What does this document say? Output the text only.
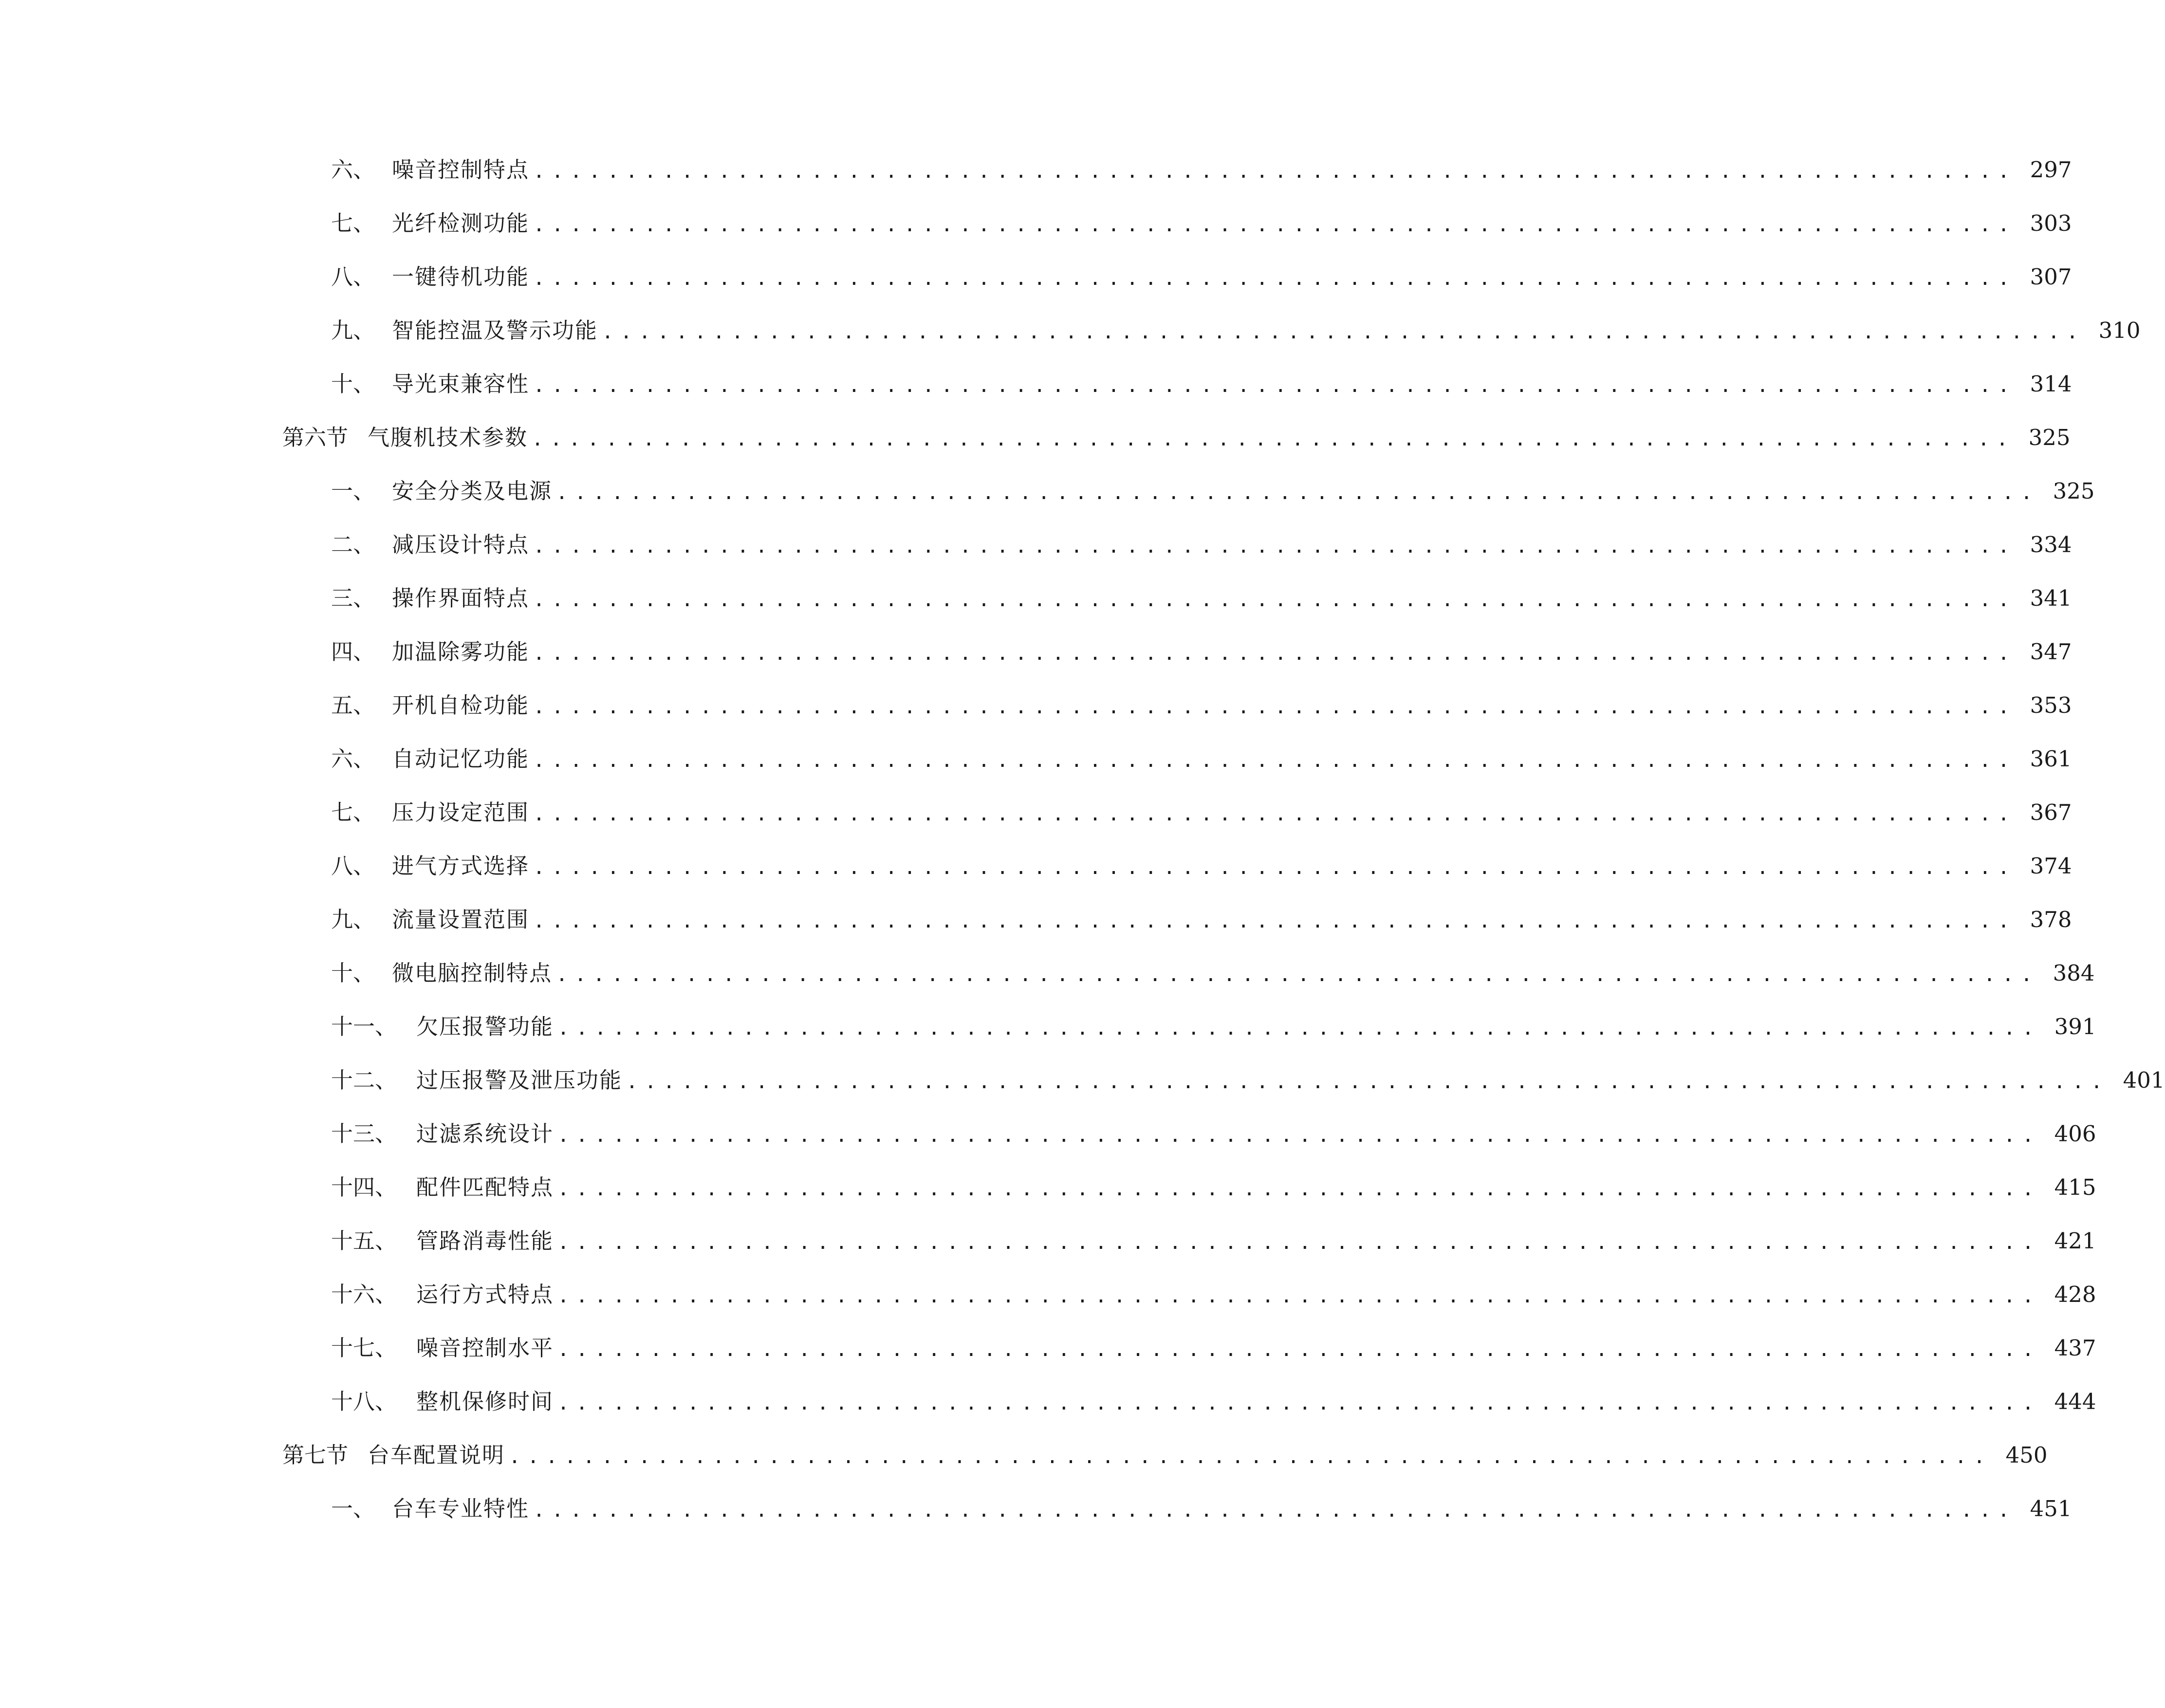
六、 噪音控制特点 ................................................................................ 297
七、 光纤检测功能 ................................................................................ 303
八、 一键待机功能 ................................................................................ 307
九、 智能控温及警示功能 ................................................................................ 310
十、 导光束兼容性 ................................................................................ 314
第六节 气腹机技术参数 ................................................................................ 325
一、 安全分类及电源 ................................................................................ 325
二、 减压设计特点 ................................................................................ 334
三、 操作界面特点 ................................................................................ 341
四、 加温除雾功能 ................................................................................ 347
五、 开机自检功能 ................................................................................ 353
六、 自动记忆功能 ................................................................................ 361
七、 压力设定范围 ................................................................................ 367
八、 进气方式选择 ................................................................................ 374
九、 流量设置范围 ................................................................................ 378
十、 微电脑控制特点 ................................................................................ 384
十一、 欠压报警功能 ................................................................................ 391
十二、 过压报警及泄压功能 ................................................................................ 401
十三、 过滤系统设计 ................................................................................ 406
十四、 配件匹配特点 ................................................................................ 415
十五、 管路消毒性能 ................................................................................ 421
十六、 运行方式特点 ................................................................................ 428
十七、 噪音控制水平 ................................................................................ 437
十八、 整机保修时间 ................................................................................ 444
第七节 台车配置说明 ................................................................................ 450
一、 台车专业特性 ................................................................................ 451
